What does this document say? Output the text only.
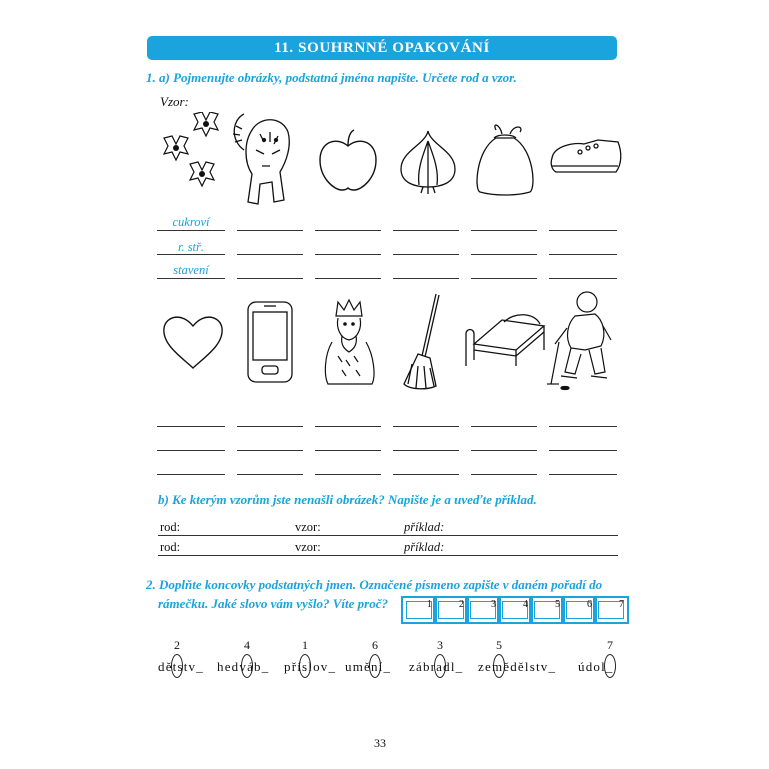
11. SOUHRNNÉ OPAKOVÁNÍ
1. a) Pojmenujte obrázky, podstatná jména napište. Určete rod a vzor.
Vzor:
cukroví
r. stř.
stavení
b) Ke kterým vzorům jste nenašli obrázek? Napište je a uveďte příklad.
rod:	vzor:	příklad:
rod:	vzor:	příklad:
2. Doplňte koncovky podstatných jmen. Označené písmeno zapište v daném pořadí do
rámečku. Jaké slovo vám vyšlo? Víte proč?	1	2	3	4	5	6	7
2	4	1	6	3	5	7
dětstv_ hedváb_ příslov_ umění_ zábradl_ zemědělstv_ údol_
33
